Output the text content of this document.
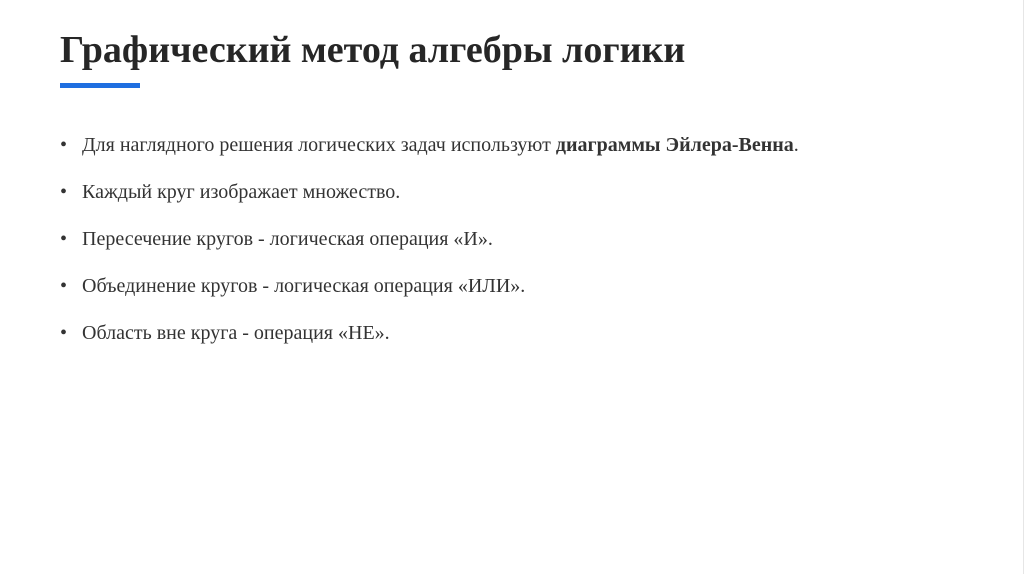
Графический метод алгебры логики
• Для наглядного решения логических задач используют диаграммы Эйлера-Венна.
• Каждый круг изображает множество.
• Пересечение кругов - логическая операция «И».
• Объединение кругов - логическая операция «ИЛИ».
• Область вне круга - операция «НЕ».
